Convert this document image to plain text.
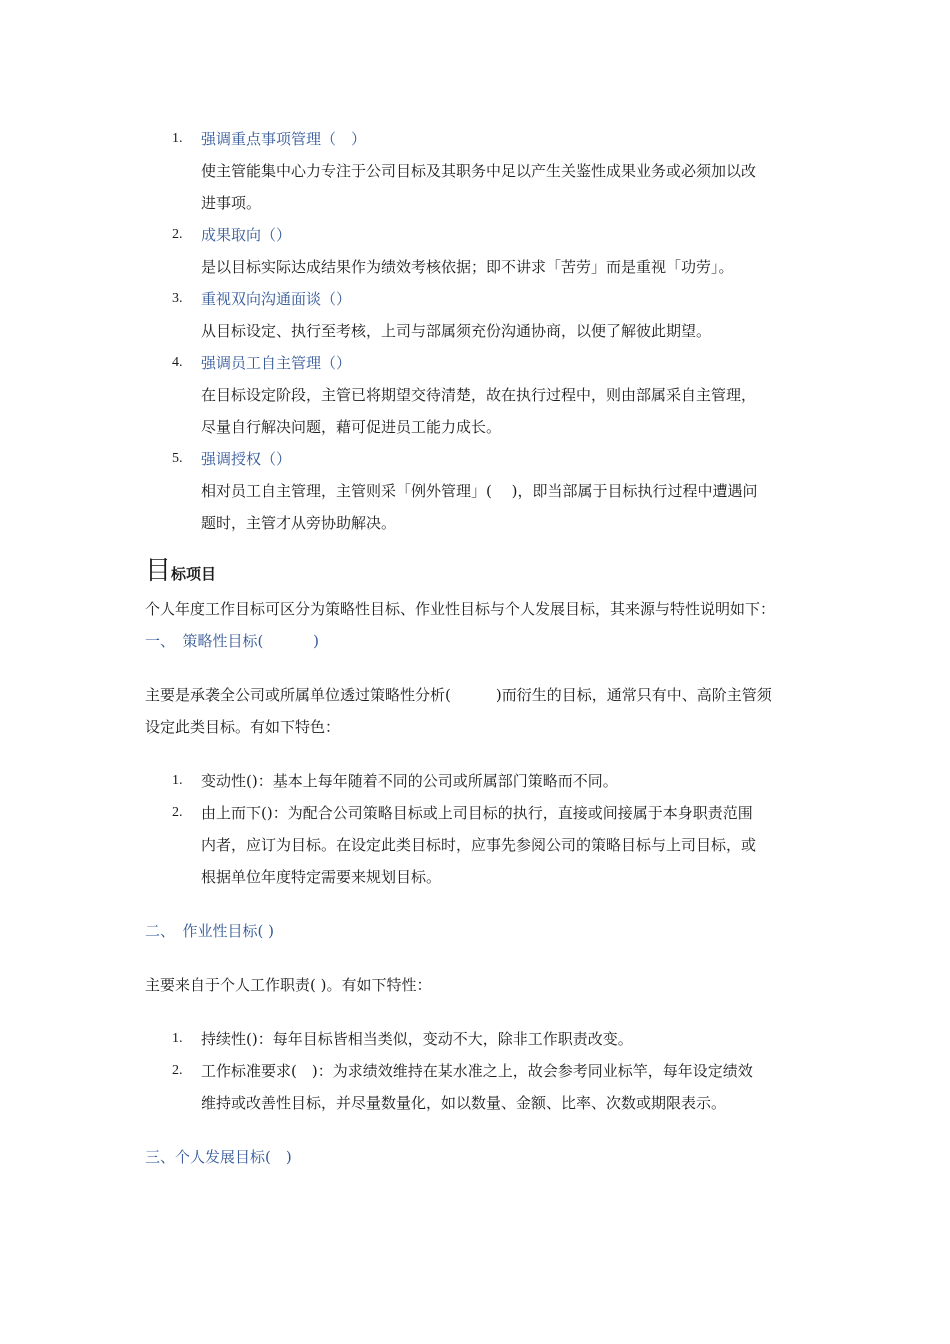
1. 强调重点事项管理（　）
使主管能集中心力专注于公司目标及其职务中足以产生关鉴性成果业务或必须加以改
进事项。
2. 成果取向（）
是以目标实际达成结果作为绩效考核依据；即不讲求「苦劳」而是重视「功劳」。
3. 重视双向沟通面谈（）
从目标设定、执行至考核，上司与部属须充份沟通协商，以便了解彼此期望。
4. 强调员工自主管理（）
在目标设定阶段，主管已将期望交待清楚，故在执行过程中，则由部属采自主管理，
尽量自行解决问题，藉可促进员工能力成长。
5. 强调授权（）
相对员工自主管理，主管则采「例外管理」(　 )，即当部属于目标执行过程中遭遇问
题时，主管才从旁协助解决。
目标项目
个人年度工作目标可区分为策略性目标、作业性目标与个人发展目标，其来源与特性说明如下：
一、　策略性目标(　　　 )
主要是承袭全公司或所属单位透过策略性分析(　　　)而衍生的目标，通常只有中、高阶主管须
设定此类目标。有如下特色：
1. 变动性()：基本上每年随着不同的公司或所属部门策略而不同。
2. 由上而下()：为配合公司策略目标或上司目标的执行，直接或间接属于本身职责范围
内者，应订为目标。在设定此类目标时，应事先参阅公司的策略目标与上司目标，或
根据单位年度特定需要来规划目标。
二、　作业性目标( )
主要来自于个人工作职责( )。有如下特性：
1. 持续性()：每年目标皆相当类似，变动不大，除非工作职责改变。
2. 工作标准要求(　)：为求绩效维持在某水准之上，故会参考同业标竿，每年设定绩效
维持或改善性目标，并尽量数量化，如以数量、金额、比率、次数或期限表示。
三、个人发展目标(　)
